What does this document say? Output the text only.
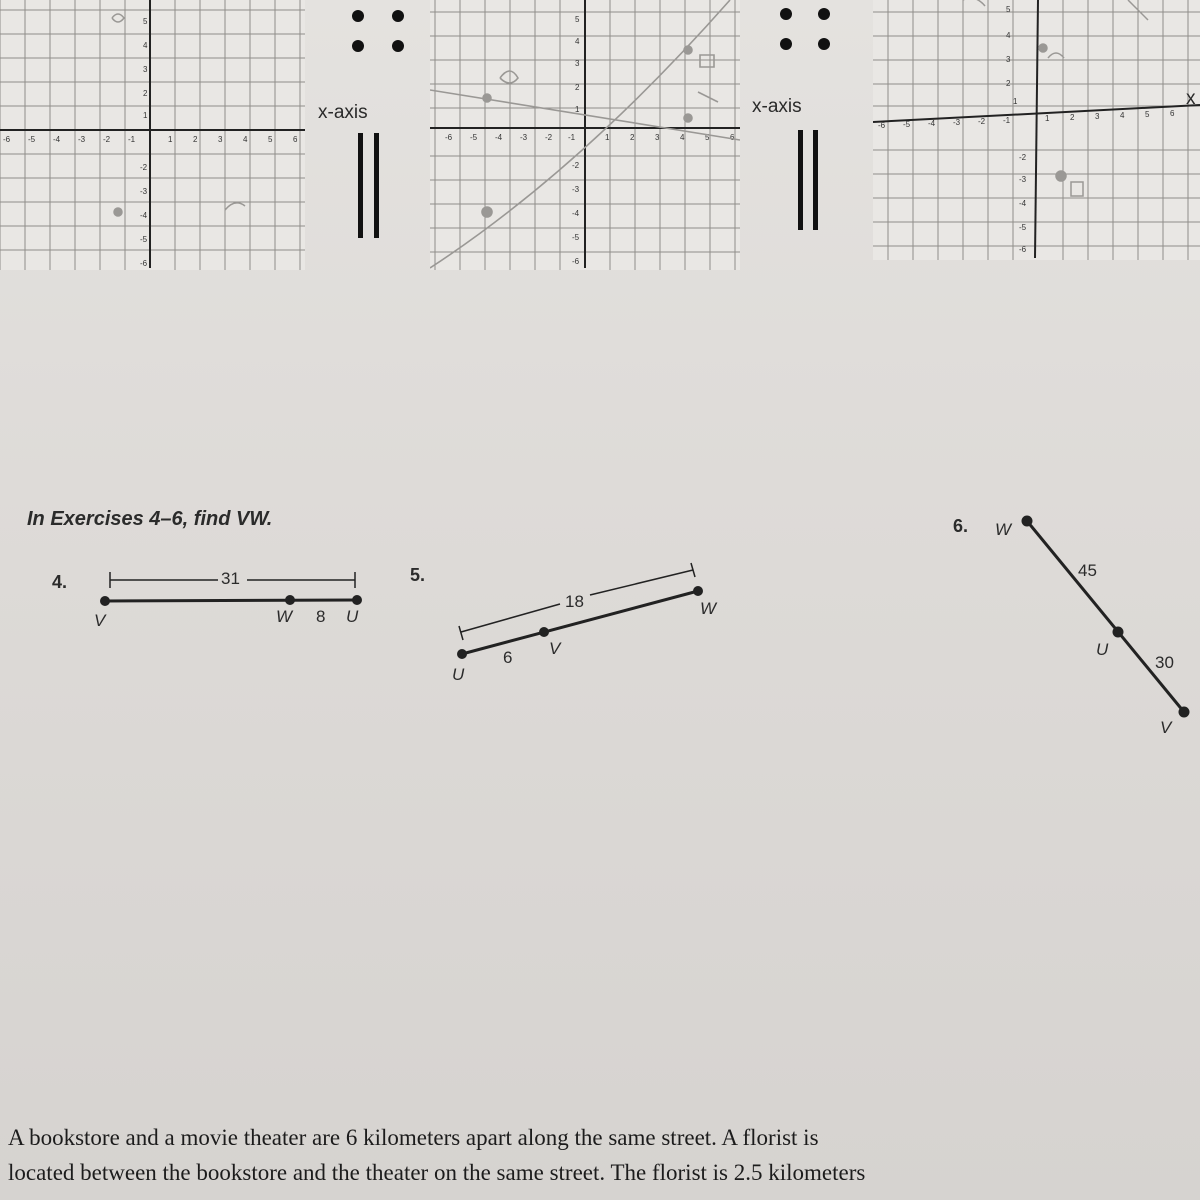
-6 -5 -4 -3 -2 -1	1	2	3	4	5	6
5
4
3
2
1
-2
-3
-4
-5
-6
x-axis
-6 -5 -4 -3 -2 -1	1	2	3	4	5	6
5
4
3
2
1
-2
-3
-4
-5
-6
x-axis
-6 -5 -4 -3 -2 -1	1	2	3	4	5	6
5
4
3
2
1
-2
-3
-4
-5
-6
x
In Exercises 4–6, find VW.
4.	31
V	W 8 U
5.
18
U
6 V
W
6. W
45
U
30
V
A bookstore and a movie theater are 6 kilometers apart along the same street. A florist is
located between the bookstore and the theater on the same street. The florist is 2.5 kilometers
